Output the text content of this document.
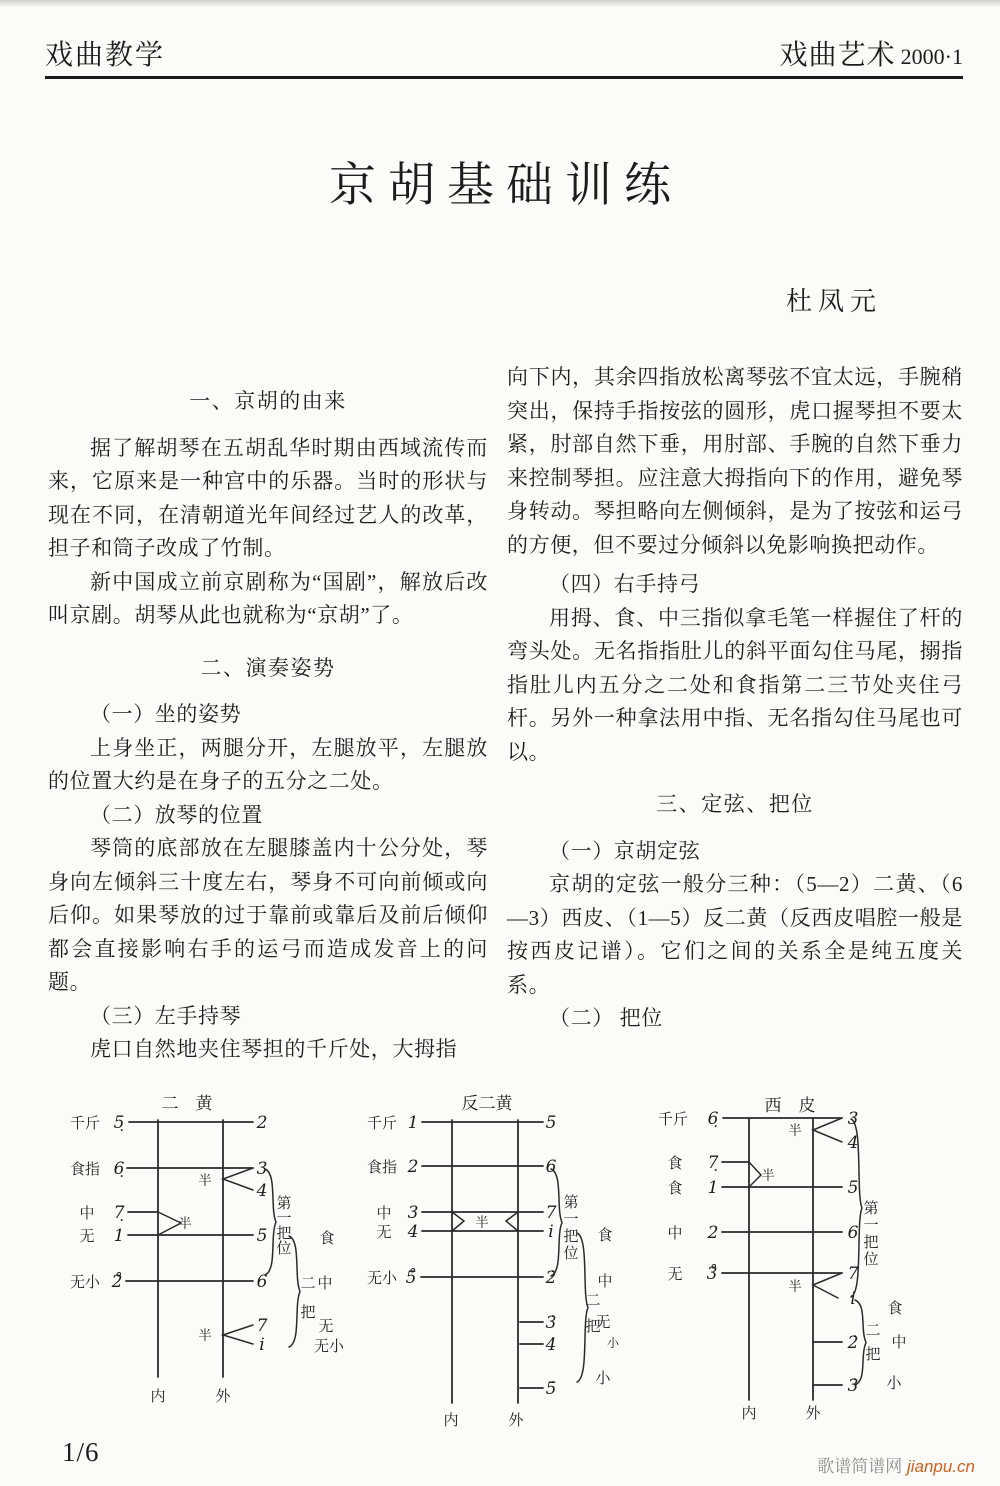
戏曲教学	戏曲艺术 2000·1
京胡基础训练
杜凤元

一、京胡的由来

据了解胡琴在五胡乱华时期由西域流传而来，它原来是一种宫中的乐器。当时的形状与现在不同，在清朝道光年间经过艺人的改革，担子和筒子改成了竹制。

新中国成立前京剧称为“国剧”，解放后改叫京剧。胡琴从此也就称为“京胡”了。

二、演奏姿势

（一）坐的姿势

上身坐正，两腿分开，左腿放平，左腿放的位置大约是在身子的五分之二处。

（二）放琴的位置

琴筒的底部放在左腿膝盖内十公分处，琴身向左倾斜三十度左右，琴身不可向前倾或向后仰。如果琴放的过于靠前或靠后及前后倾仰都会直接影响右手的运弓而造成发音上的问题。

（三）左手持琴

虎口自然地夹住琴担的千斤处，大拇指

向下内，其余四指放松离琴弦不宜太远，手腕稍突出，保持手指按弦的圆形，虎口握琴担不要太紧，肘部自然下垂，用肘部、手腕的自然下垂力来控制琴担。应注意大拇指向下的作用，避免琴身转动。琴担略向左侧倾斜，是为了按弦和运弓的方便，但不要过分倾斜以免影响换把动作。

（四）右手持弓

用拇、食、中三指似拿毛笔一样握住了杆的弯头处。无名指指肚儿的斜平面勾住马尾，搦指指肚儿内五分之二处和食指第二三节处夹住弓杆。另外一种拿法用中指、无名指勾住马尾也可以。

三、定弦、把位

（一）京胡定弦

京胡的定弦一般分三种：（5—2）二黄、（6—3）西皮、（1—5）反二黄（反西皮唱腔一般是按西皮记谱）。它们之间的关系全是纯五度关系。

（二） 把位

千斤 5̣	2
食指 6̣	3
4
中 7̣
无 1	5
无小 2̊	6
7
i
半
半
半
第
一
把
位
二
把
食
中
无
无小
二　黄
内	外
千斤 1	5
食指 2	6
中 3	7
无 4	i
无小 5̊	2̇
3̇
4̇
5̇
半
第
一
把
位
二
把
食
中
无
小
小
反二黄
内	外
千斤 6̣	3
4
食 7̣
食 1	5
中 2	6
无 3̊	7
i
2̇
3̇
半
半
半
第
一
把
位
二
把
食
中
小
西　皮
内	外
1/6	歌谱简谱网 jianpu.cn
